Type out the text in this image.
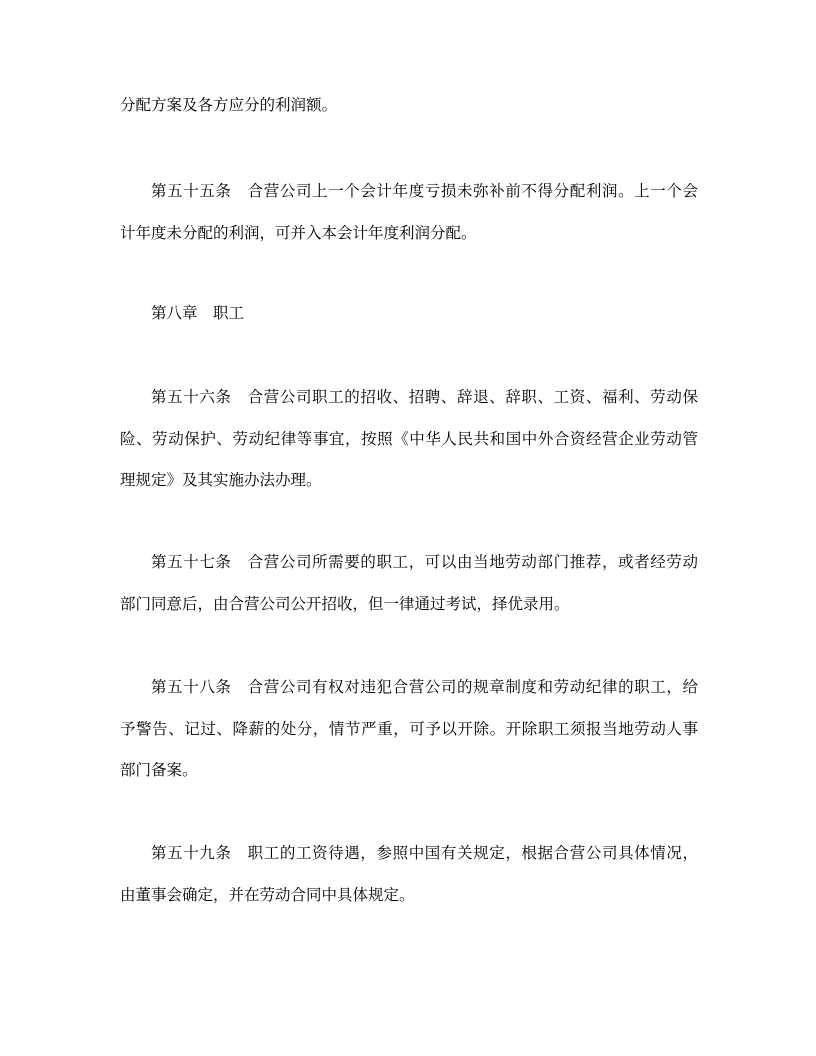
分配方案及各方应分的利润额。
第五十五条　合营公司上一个会计年度亏损未弥补前不得分配利润。上一个会
计年度未分配的利润，可并入本会计年度利润分配。
第八章　职工
第五十六条　合营公司职工的招收、招聘、辞退、辞职、工资、福利、劳动保
险、劳动保护、劳动纪律等事宜，按照《中华人民共和国中外合资经营企业劳动管
理规定》及其实施办法办理。
第五十七条　合营公司所需要的职工，可以由当地劳动部门推荐，或者经劳动
部门同意后，由合营公司公开招收，但一律通过考试，择优录用。
第五十八条　合营公司有权对违犯合营公司的规章制度和劳动纪律的职工，给
予警告、记过、降薪的处分，情节严重，可予以开除。开除职工须报当地劳动人事
部门备案。
第五十九条　职工的工资待遇，参照中国有关规定，根据合营公司具体情况，
由董事会确定，并在劳动合同中具体规定。
